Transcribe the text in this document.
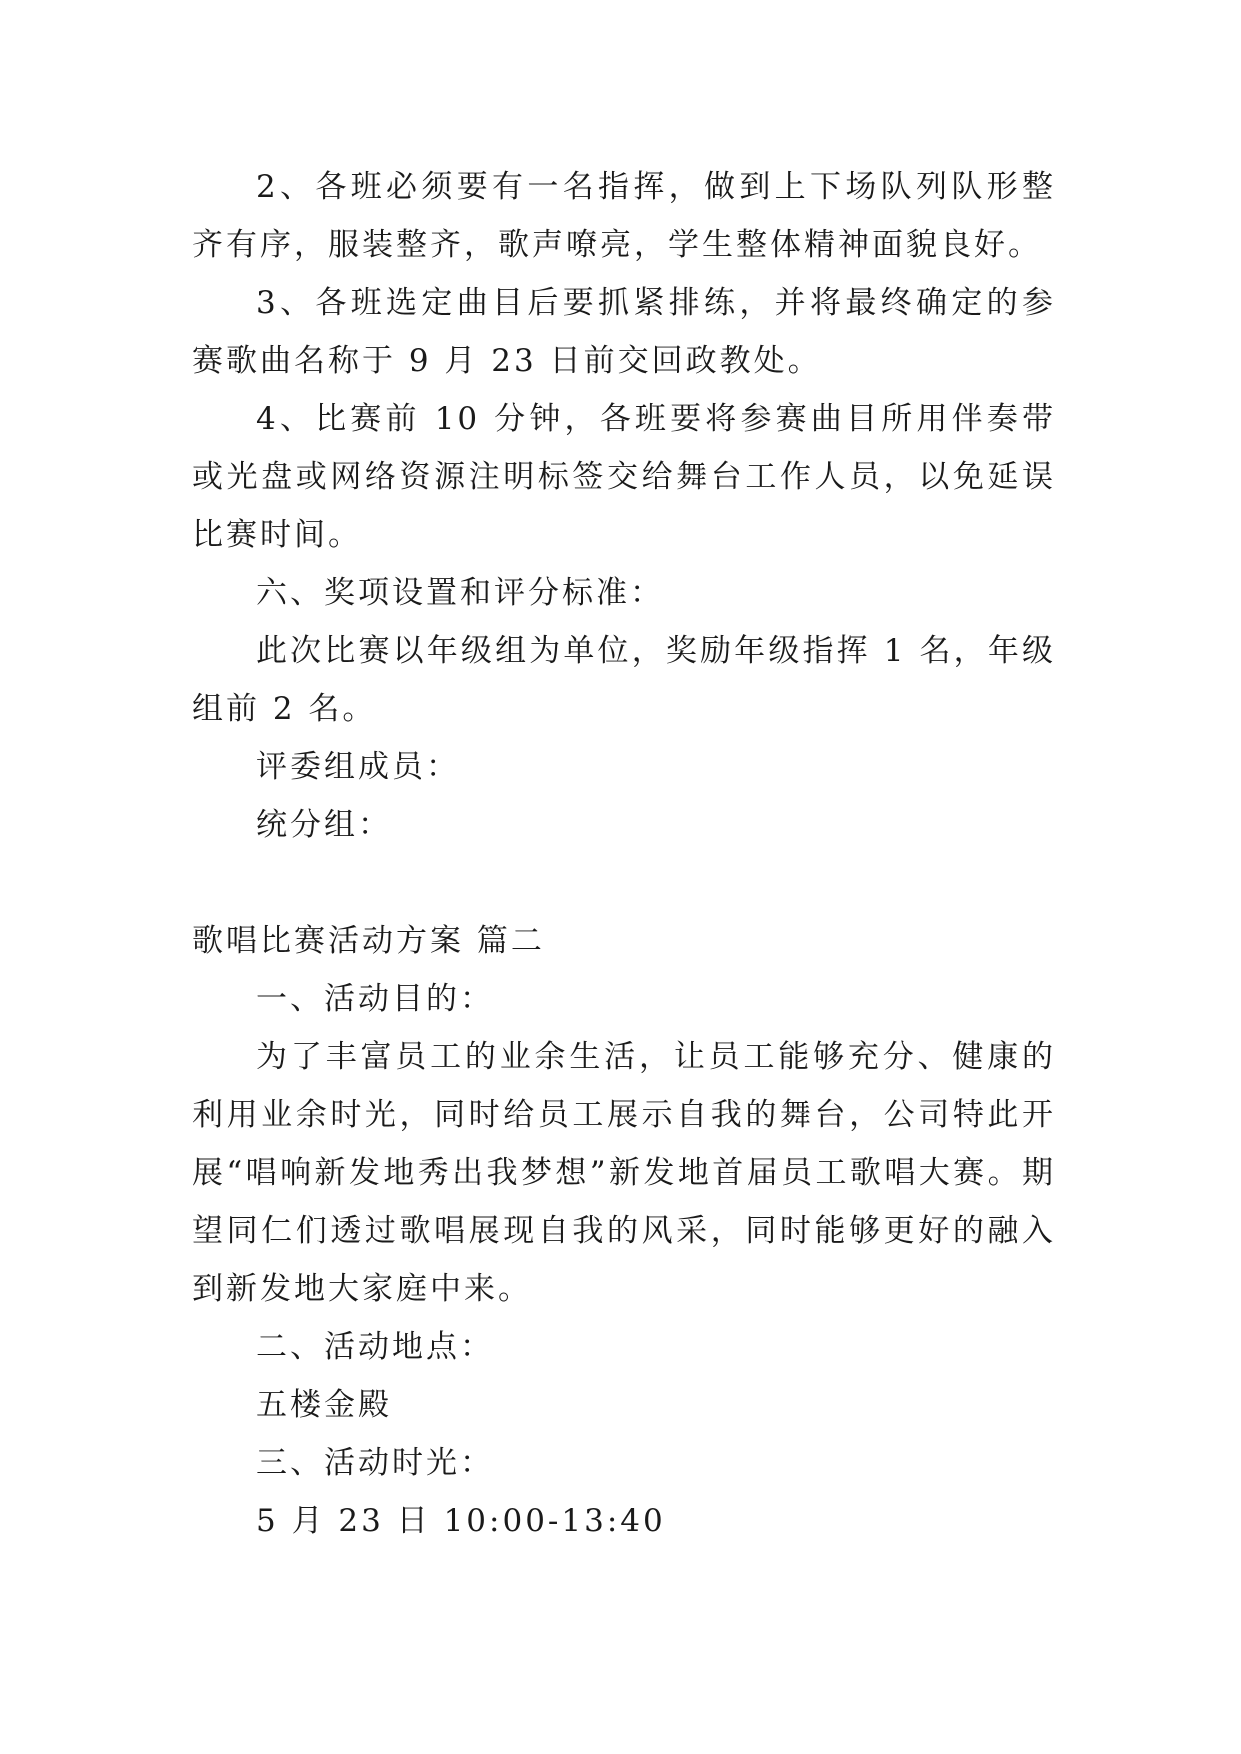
2、各班必须要有一名指挥，做到上下场队列队形整齐有序，服装整齐，歌声嘹亮，学生整体精神面貌良好。

3、各班选定曲目后要抓紧排练，并将最终确定的参赛歌曲名称于 9 月 23 日前交回政教处。

4、比赛前 10 分钟，各班要将参赛曲目所用伴奏带或光盘或网络资源注明标签交给舞台工作人员，以免延误比赛时间。

六、奖项设置和评分标准：

此次比赛以年级组为单位，奖励年级指挥 1 名，年级组前 2 名。

评委组成员：

统分组：

歌唱比赛活动方案 篇二

一、活动目的：

为了丰富员工的业余生活，让员工能够充分、健康的利用业余时光，同时给员工展示自我的舞台，公司特此开展“唱响新发地秀出我梦想”新发地首届员工歌唱大赛。期望同仁们透过歌唱展现自我的风采，同时能够更好的融入到新发地大家庭中来。

二、活动地点：

五楼金殿

三、活动时光：

5 月 23 日 10:00-13:40
